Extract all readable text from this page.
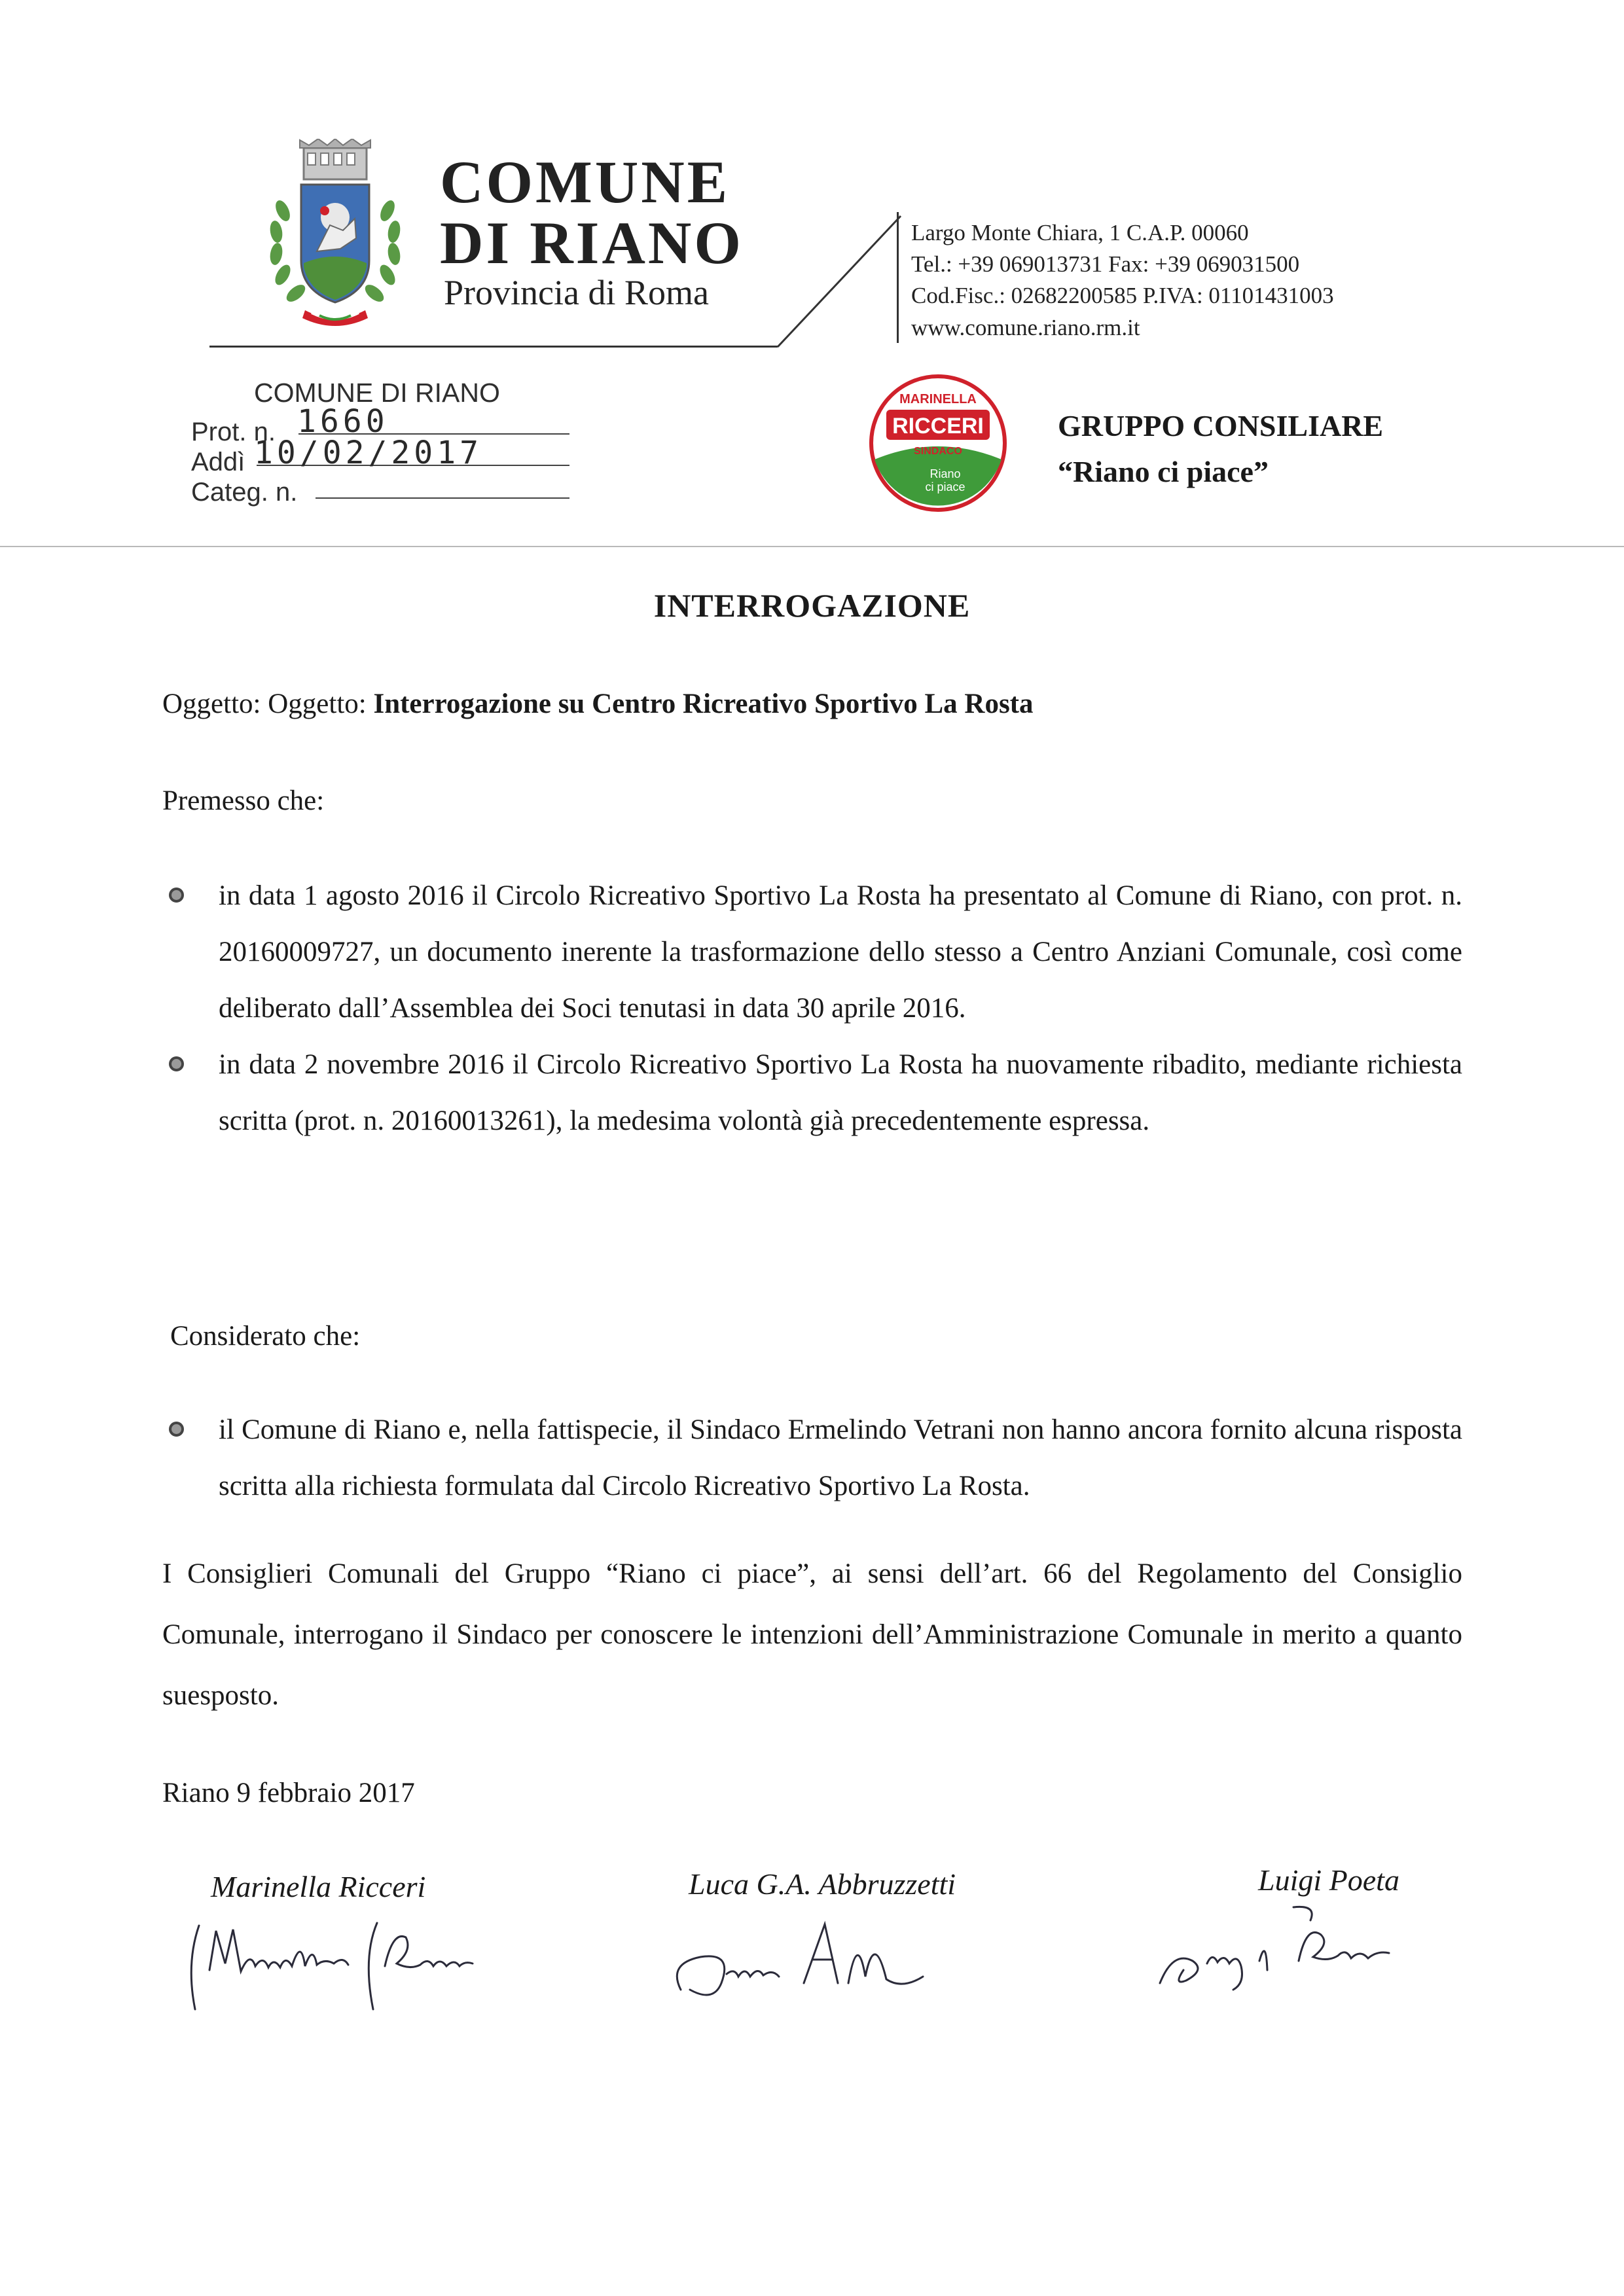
COMUNE
DI RIANO
Provincia di Roma
Largo Monte Chiara, 1 C.A.P. 00060
Tel.: +39 069013731 Fax: +39 069031500
Cod.Fisc.: 02682200585 P.IVA: 01101431003
www.comune.riano.rm.it
COMUNE DI RIANO
Prot. n. 1660
Addì 10/02/2017
Categ. n.
MARINELLA
RICCERI
SINDACO
Riano
ci piace
GRUPPO CONSILIARE
“Riano ci piace”
INTERROGAZIONE
Oggetto: Oggetto: Interrogazione su Centro Ricreativo Sportivo La Rosta
Premesso che:
in data 1 agosto 2016 il Circolo Ricreativo Sportivo La Rosta ha presentato al Comune di Riano, con prot. n. 20160009727, un documento inerente la trasformazione dello stesso a Centro Anziani Comunale, così come deliberato dall’Assemblea dei Soci tenutasi in data 30 aprile 2016.
in data 2 novembre 2016 il Circolo Ricreativo Sportivo La Rosta ha nuovamente ribadito, mediante richiesta scritta (prot. n. 20160013261), la medesima volontà già precedentemente espressa.
Considerato che:
il Comune di Riano e, nella fattispecie, il Sindaco Ermelindo Vetrani non hanno ancora fornito alcuna risposta scritta alla richiesta formulata dal Circolo Ricreativo Sportivo La Rosta.

I Consiglieri Comunali del Gruppo “Riano ci piace”, ai sensi dell’art. 66 del Regolamento del Consiglio Comunale, interrogano il Sindaco per conoscere le intenzioni dell’Amministrazione Comunale in merito a quanto suesposto.

Riano 9 febbraio 2017
Marinella Ricceri	Luca G.A. Abbruzzetti	Luigi Poeta
